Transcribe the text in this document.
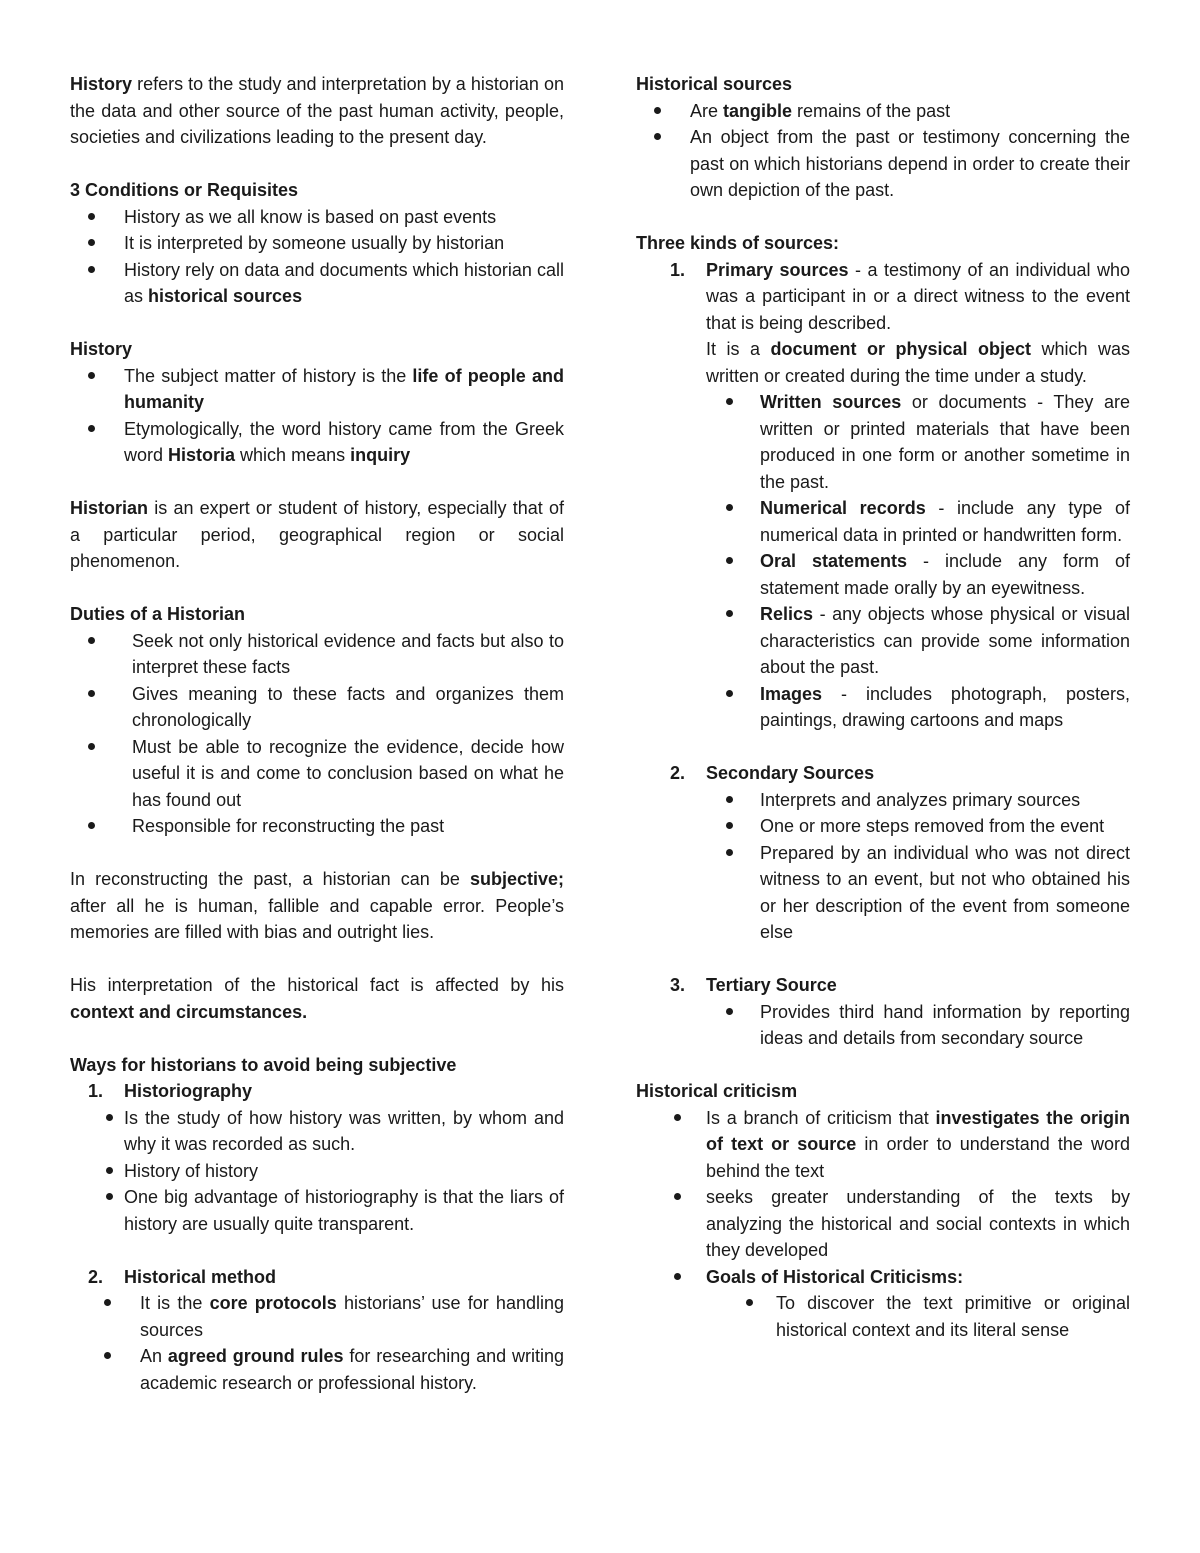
History refers to the study and interpretation by a historian on the data and other source of the past human activity, people, societies and civilizations leading to the present day.

3 Conditions or Requisites

History as we all know is based on past events
It is interpreted by someone usually by historian
History rely on data and documents which historian call as historical sources

History

The subject matter of history is the life of people and humanity
Etymologically, the word history came from the Greek word Historia which means inquiry

Historian is an expert or student of history, especially that of a particular period, geographical region or social phenomenon.

Duties of a Historian

Seek not only historical evidence and facts but also to interpret these facts
Gives meaning to these facts and organizes them chronologically
Must be able to recognize the evidence, decide how useful it is and come to conclusion based on what he has found out
Responsible for reconstructing the past

In reconstructing the past, a historian can be subjective; after all he is human, fallible and capable error. People’s memories are filled with bias and outright lies.

His interpretation of the historical fact is affected by his context and circumstances.

Ways for historians to avoid being subjective

1. Historiography
Is the study of how history was written, by whom and why it was recorded as such.
History of history
One big advantage of historiography is that the liars of history are usually quite transparent.
2. Historical method
It is the core protocols historians’ use for handling sources
An agreed ground rules for researching and writing academic research or professional history.

Historical sources

Are tangible remains of the past
An object from the past or testimony concerning the past on which historians depend in order to create their own depiction of the past.

Three kinds of sources:

1. Primary sources - a testimony of an individual who was a participant in or a direct witness to the event that is being described.

It is a document or physical object which was written or created during the time under a study.

Written sources or documents - They are written or printed materials that have been produced in one form or another sometime in the past.
Numerical records - include any type of numerical data in printed or handwritten form.
Oral statements - include any form of statement made orally by an eyewitness.
Relics - any objects whose physical or visual characteristics can provide some information about the past.
Images - includes photograph, posters, paintings, drawing cartoons and maps
2. Secondary Sources
Interprets and analyzes primary sources
One or more steps removed from the event
Prepared by an individual who was not direct witness to an event, but not who obtained his or her description of the event from someone else
3. Tertiary Source
Provides third hand information by reporting ideas and details from secondary source

Historical criticism

Is a branch of criticism that investigates the origin of text or source in order to understand the word behind the text
seeks greater understanding of the texts by analyzing the historical and social contexts in which they developed
Goals of Historical Criticisms:
To discover the text primitive or original historical context and its literal sense
